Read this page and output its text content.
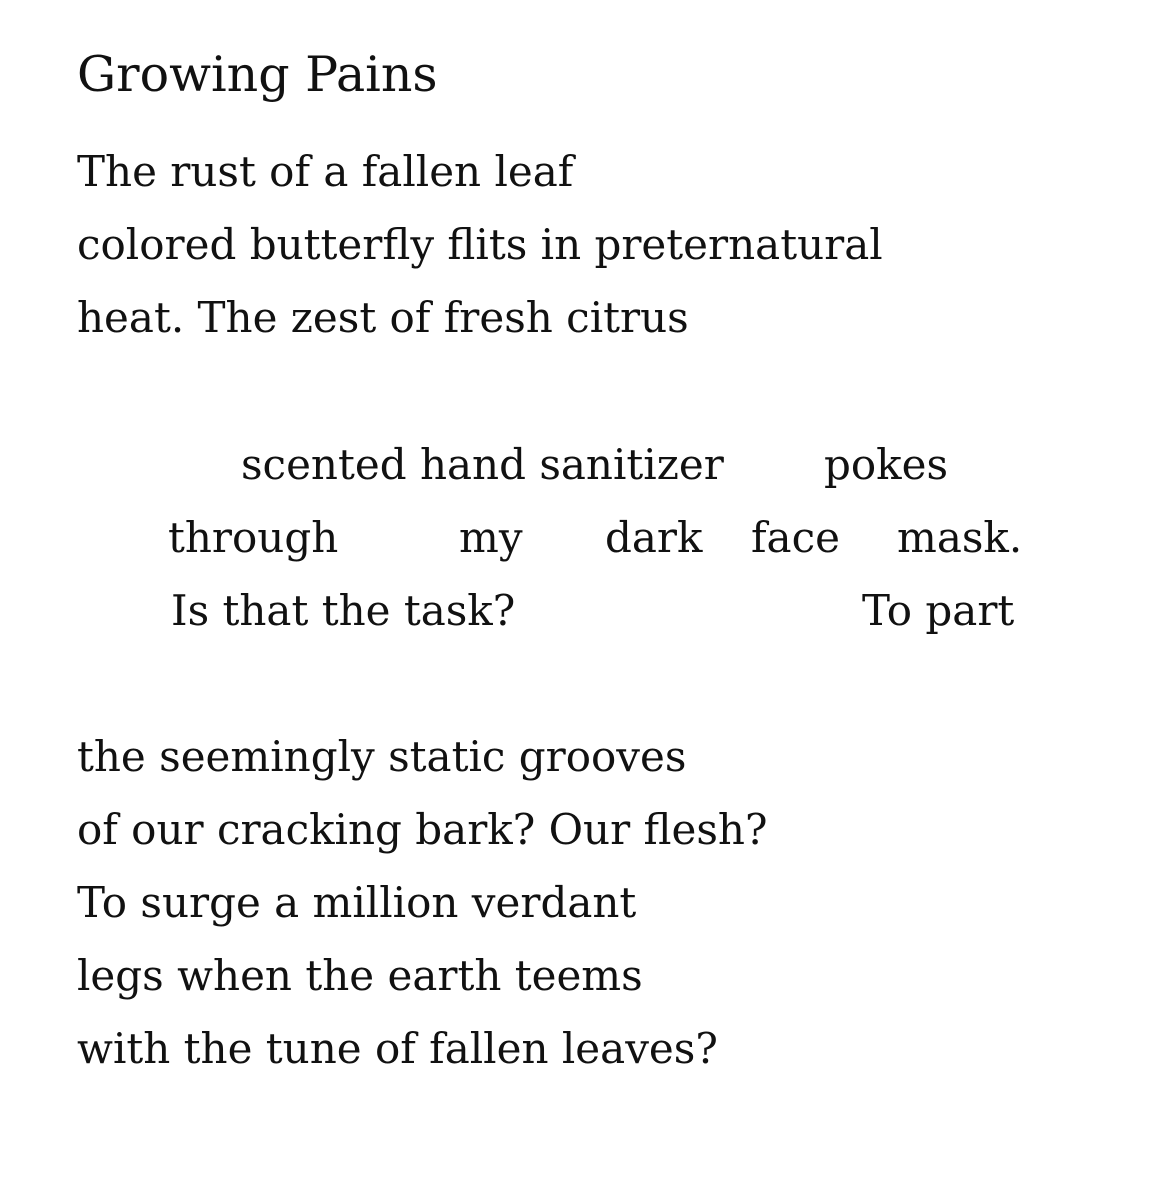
Growing Pains
The rust of a fallen leaf
colored butterfly flits in preternatural
heat. The zest of fresh citrus
scented hand sanitizer pokes
through	my dark face mask.
Is that the task?	To part
the seemingly static grooves
of our cracking bark? Our flesh?
To surge a million verdant
legs when the earth teems
with the tune of fallen leaves?
